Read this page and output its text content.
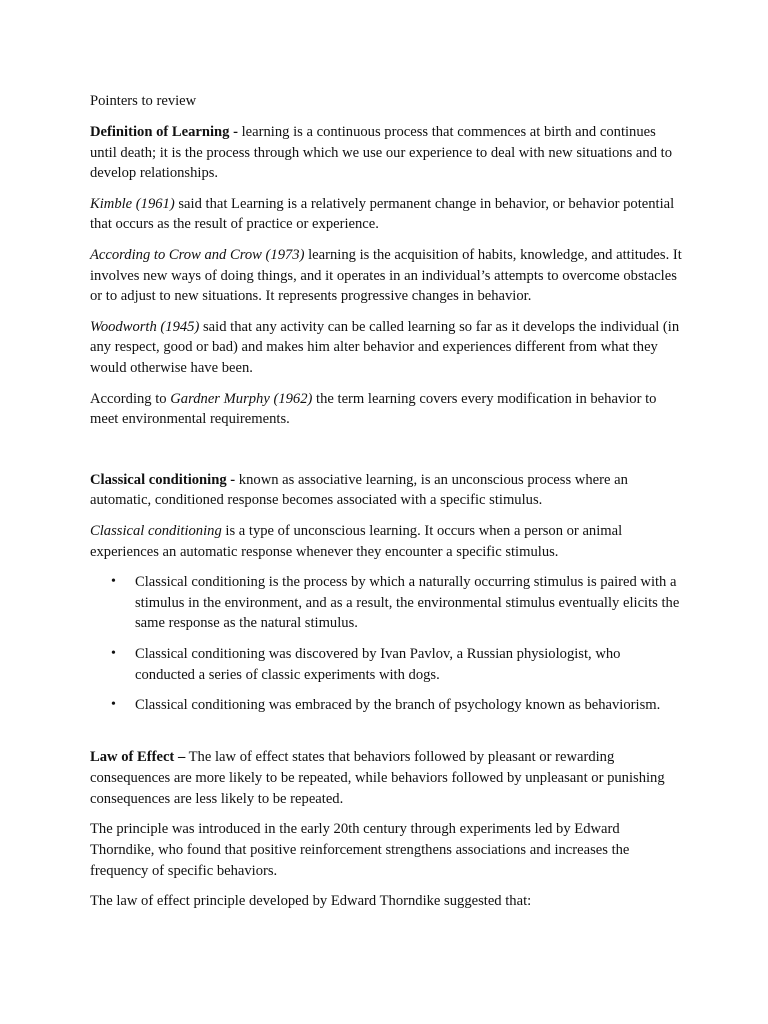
Pointers to review

Definition of Learning - learning is a continuous process that commences at birth and continues until death; it is the process through which we use our experience to deal with new situations and to develop relationships.

Kimble (1961) said that Learning is a relatively permanent change in behavior, or behavior potential that occurs as the result of practice or experience.

According to Crow and Crow (1973) learning is the acquisition of habits, knowledge, and attitudes. It involves new ways of doing things, and it operates in an individual’s attempts to overcome obstacles or to adjust to new situations. It represents progressive changes in behavior.

Woodworth (1945) said that any activity can be called learning so far as it develops the individual (in any respect, good or bad) and makes him alter behavior and experiences different from what they would otherwise have been.

According to Gardner Murphy (1962) the term learning covers every modification in behavior to meet environmental requirements.

Classical conditioning - known as associative learning, is an unconscious process where an automatic, conditioned response becomes associated with a specific stimulus.

Classical conditioning is a type of unconscious learning. It occurs when a person or animal experiences an automatic response whenever they encounter a specific stimulus.

•	Classical conditioning is the process by which a naturally occurring stimulus is paired with a stimulus in the environment, and as a result, the environmental stimulus eventually elicits the same response as the natural stimulus.
•	Classical conditioning was discovered by Ivan Pavlov, a Russian physiologist, who conducted a series of classic experiments with dogs.
•	Classical conditioning was embraced by the branch of psychology known as behaviorism.

Law of Effect – The law of effect states that behaviors followed by pleasant or rewarding consequences are more likely to be repeated, while behaviors followed by unpleasant or punishing consequences are less likely to be repeated.

The principle was introduced in the early 20th century through experiments led by Edward Thorndike, who found that positive reinforcement strengthens associations and increases the frequency of specific behaviors.

The law of effect principle developed by Edward Thorndike suggested that:
